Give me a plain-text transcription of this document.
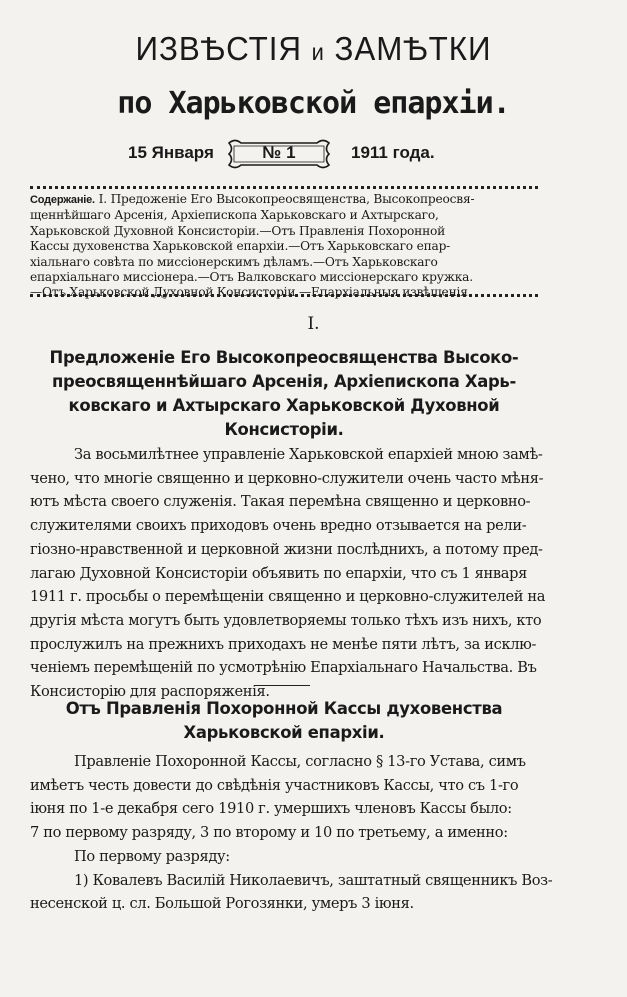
ИЗВѢСТІЯ и ЗАМѢТКИ
по Харьковской епархіи.
15 Января	№ 1	1911 года.
Содержаніе. I. Предоженіе Его Высокопреосвященства, Высокопреосвя-
щеннѣйшаго Арсенія, Архіепископа Харьковскаго и Ахтырскаго,
Харьковской Духовной Консисторіи.—Отъ Правленія Похоронной
Кассы духовенства Харьковской епархіи.—Отъ Харьковскаго епар-
хіальнаго совѣта по миссіонерскимъ дѣламъ.—Отъ Харьковскаго
епархіальнаго миссіонера.—Отъ Валковскаго миссіонерскаго кружка.
—Отъ Харьковской Духовной Консисторіи.—Епархіальныя извѣщенія.
I.
Предложеніе Его Высокопреосвященства Высоко-
преосвященнѣйшаго Арсенія, Архіепископа Харь-
ковскаго и Ахтырскаго Харьковской Духовной
Консисторіи.
За восьмилѣтнее управленіе Харьковской епархіей мною замѣ-
чено, что многіе священно и церковно-служители очень часто мѣня-
ютъ мѣста своего служенія. Такая перемѣна священно и церковно-
служителями своихъ приходовъ очень вредно отзывается на рели-
гіозно-нравственной и церковной жизни послѣднихъ, а потому пред-
лагаю Духовной Консисторіи объявить по епархіи, что съ 1 января
1911 г. просьбы о перемѣщеніи священно и церковно-служителей на
другія мѣста могутъ быть удовлетворяемы только тѣхъ изъ нихъ, кто
прослужилъ на прежнихъ приходахъ не менѣе пяти лѣтъ, за исклю-
ченіемъ перемѣщеній по усмотрѣнію Епархіальнаго Начальства. Въ
Консисторію для распоряженія.
Отъ Правленія Похоронной Кассы духовенства
Харьковской епархіи.
Правленіе Похоронной Кассы, согласно § 13-го Устава, симъ
имѣетъ честь довести до свѣдѣнія участниковъ Кассы, что съ 1-го
іюня по 1-е декабря сего 1910 г. умершихъ членовъ Кассы было:
7 по первому разряду, 3 по второму и 10 по третьему, а именно:
По первому разряду:
1) Ковалевъ Василій Николаевичъ, заштатный священникъ Воз-
несенской ц. сл. Большой Рогозянки, умеръ 3 іюня.
